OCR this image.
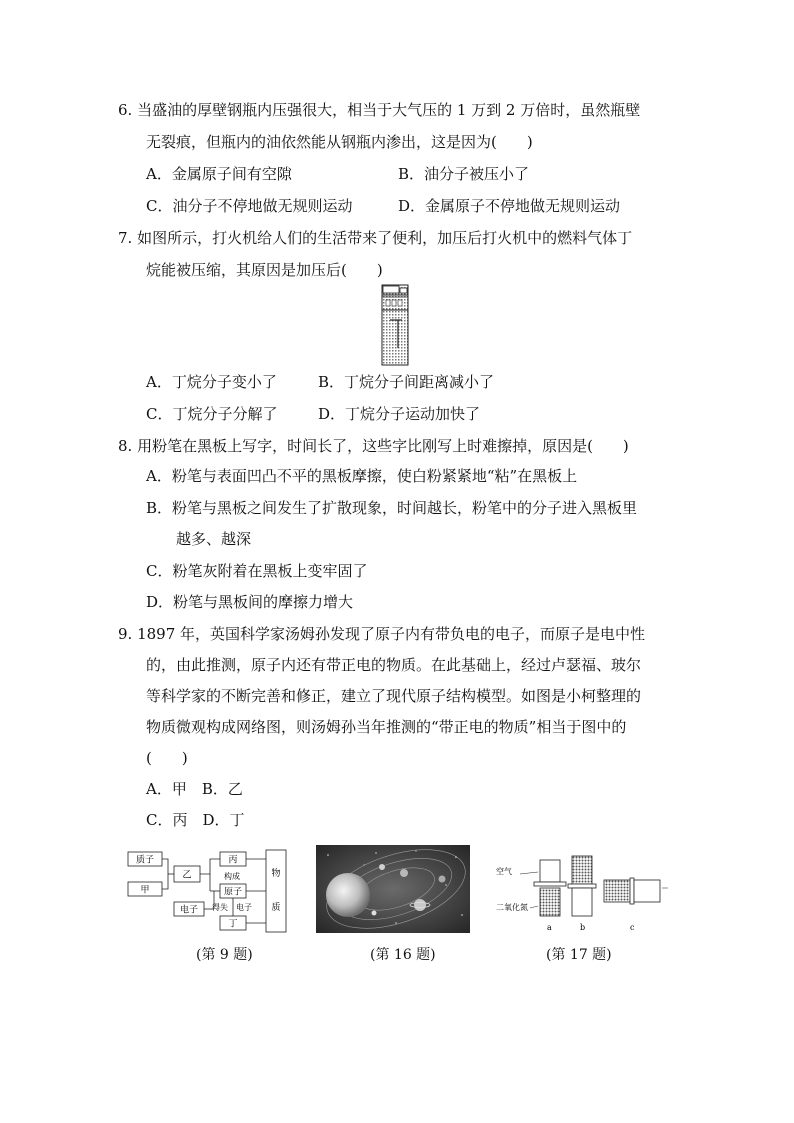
6. 当盛油的厚壁钢瓶内压强很大，相当于大气压的 1 万到 2 万倍时，虽然瓶壁
无裂痕，但瓶内的油依然能从钢瓶内渗出，这是因为(　　)
A．金属原子间有空隙	B．油分子被压小了
C．油分子不停地做无规则运动	D．金属原子不停地做无规则运动
7. 如图所示，打火机给人们的生活带来了便利，加压后打火机中的燃料气体丁
烷能被压缩，其原因是加压后(　　)
A．丁烷分子变小了	B．丁烷分子间距离减小了
C．丁烷分子分解了	D．丁烷分子运动加快了
8. 用粉笔在黑板上写字，时间长了，这些字比刚写上时难擦掉，原因是(　　)
A．粉笔与表面凹凸不平的黑板摩擦，使白粉紧紧地“粘”在黑板上
B．粉笔与黑板之间发生了扩散现象，时间越长，粉笔中的分子进入黑板里
越多、越深
C．粉笔灰附着在黑板上变牢固了
D．粉笔与黑板间的摩擦力增大
9. 1897 年，英国科学家汤姆孙发现了原子内有带负电的电子，而原子是电中性
的，由此推测，原子内还有带正电的物质。在此基础上，经过卢瑟福、玻尔
等科学家的不断完善和修正，建立了现代原子结构模型。如图是小柯整理的
物质微观构成网络图，则汤姆孙当年推测的“带正电的物质”相当于图中的
(　　)
A．甲　B．乙
C．丙　D．丁
质子
甲
乙
电子
丙
原子
丁
构成
得失 电子
物
质
空气
二氧化氮
a	b	c
(第 9 题)	(第 16 题)	(第 17 题)
